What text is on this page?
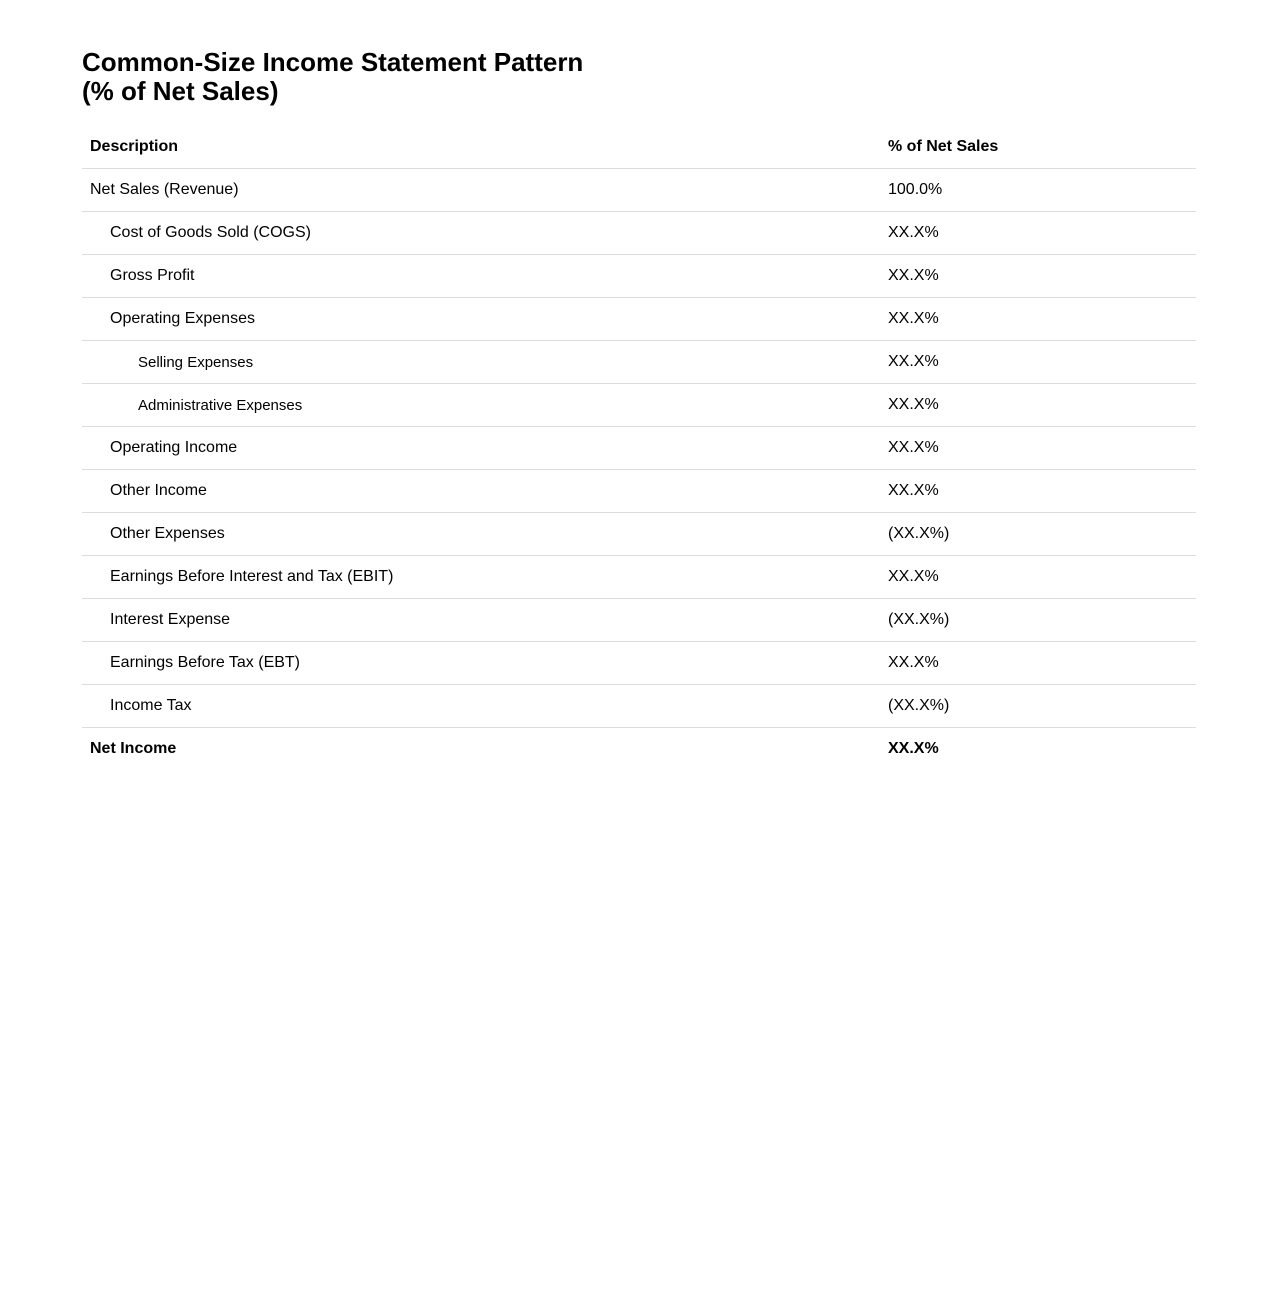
Common-Size Income Statement Pattern
(% of Net Sales)
Description	% of Net Sales
Net Sales (Revenue)	100.0%
Cost of Goods Sold (COGS)	XX.X%
Gross Profit	XX.X%
Operating Expenses	XX.X%
Selling Expenses	XX.X%
Administrative Expenses	XX.X%
Operating Income	XX.X%
Other Income	XX.X%
Other Expenses	(XX.X%)
Earnings Before Interest and Tax (EBIT)	XX.X%
Interest Expense	(XX.X%)
Earnings Before Tax (EBT)	XX.X%
Income Tax	(XX.X%)
Net Income	XX.X%
